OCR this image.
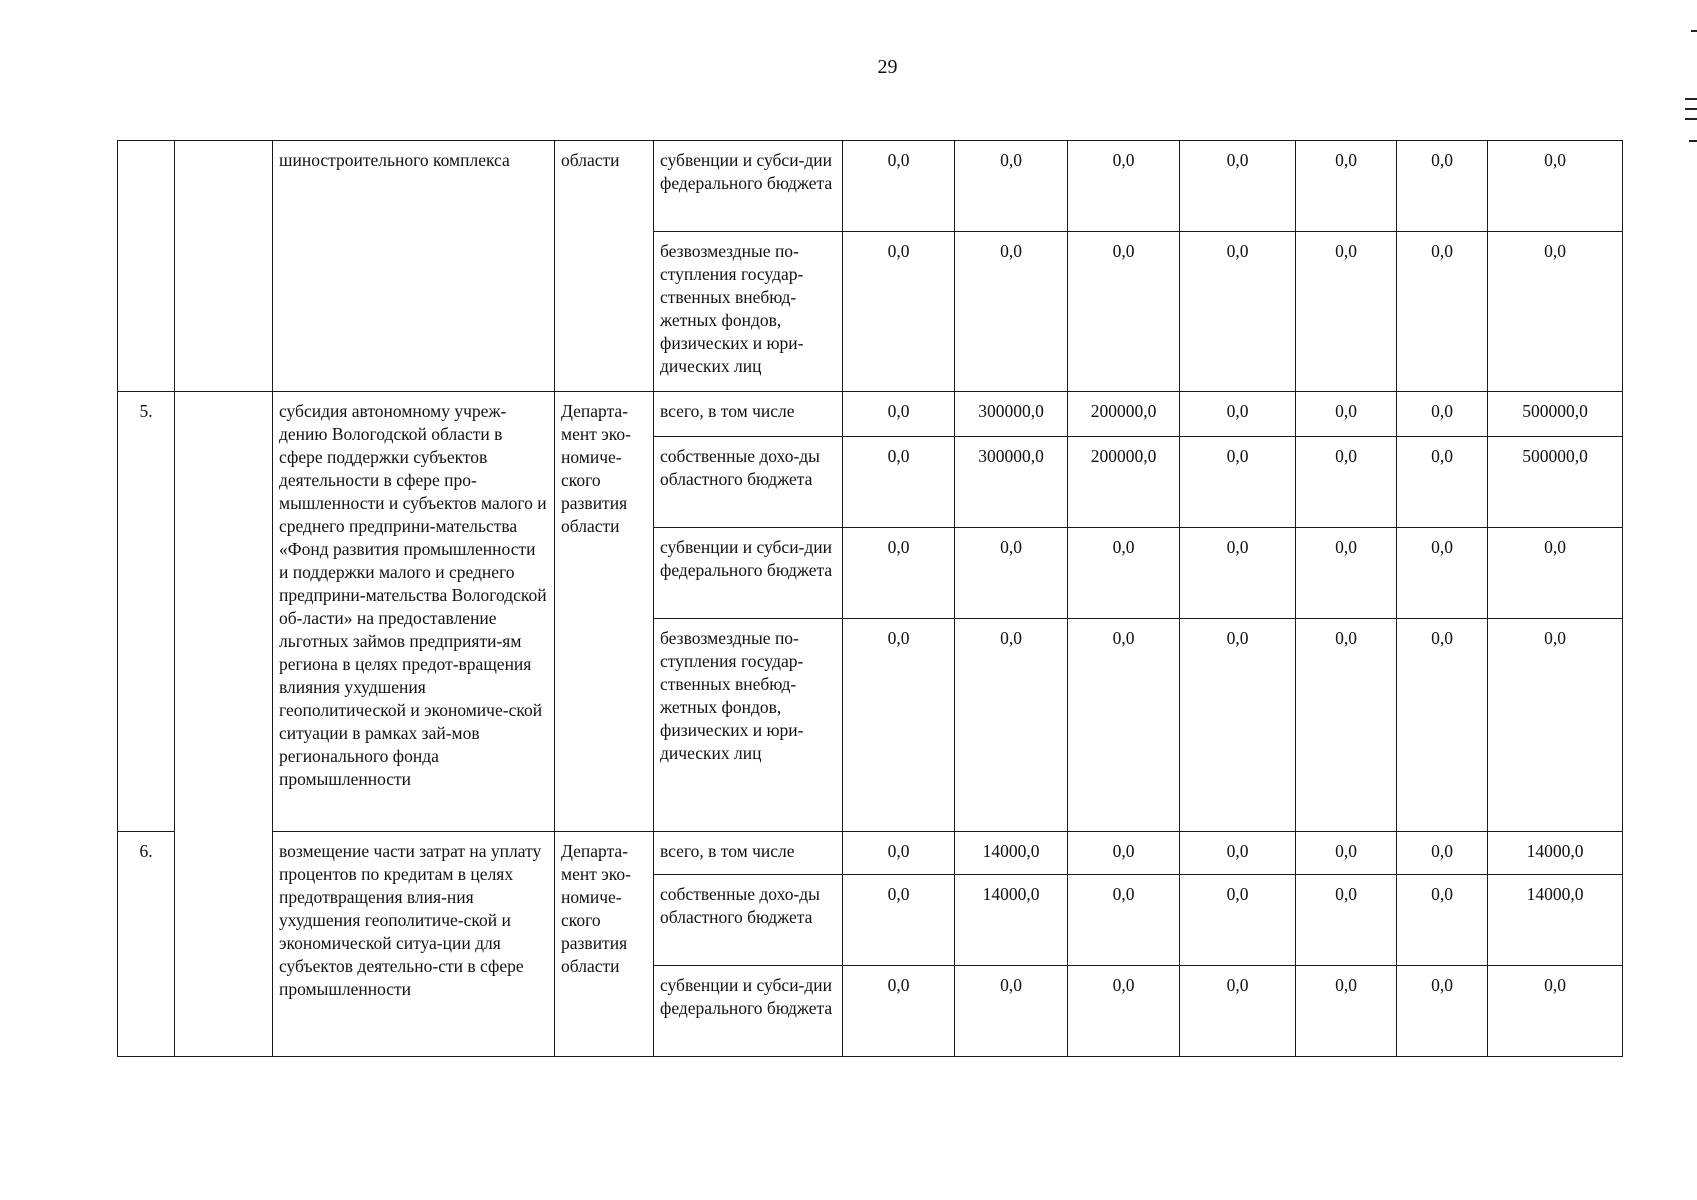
29
		шиностроительного комплекса	области	субвенции и субси-дии федерального бюджета	0,0	0,0	0,0	0,0	0,0	0,0	0,0
				безвозмездные по-ступления государ-ственных внебюд-жетных фондов, физических и юри-дических лиц	0,0	0,0	0,0	0,0	0,0	0,0	0,0
5.		субсидия автономному учреж-дению Вологодской области в сфере поддержки субъектов деятельности в сфере про-мышленности и субъектов малого и среднего предприни-мательства «Фонд развития промышленности и поддержки малого и среднего предприни-мательства Вологодской об-ласти» на предоставление льготных займов предприяти-ям региона в целях предот-вращения влияния ухудшения геополитической и экономиче-ской ситуации в рамках зай-мов регионального фонда промышленности	Департа-мент эко-номиче-ского развития области	всего, в том числе	0,0	300000,0	200000,0	0,0	0,0	0,0	500000,0
				собственные дохо-ды областного бюджета	0,0	300000,0	200000,0	0,0	0,0	0,0	500000,0
				субвенции и субси-дии федерального бюджета	0,0	0,0	0,0	0,0	0,0	0,0	0,0
				безвозмездные по-ступления государ-ственных внебюд-жетных фондов, физических и юри-дических лиц	0,0	0,0	0,0	0,0	0,0	0,0	0,0
6.		возмещение части затрат на уплату процентов по кредитам в целях предотвращения влия-ния ухудшения геополитиче-ской и экономической ситуа-ции для субъектов деятельно-сти в сфере промышленности	Департа-мент эко-номиче-ского развития области	всего, в том числе	0,0	14000,0	0,0	0,0	0,0	0,0	14000,0
				собственные дохо-ды областного бюджета	0,0	14000,0	0,0	0,0	0,0	0,0	14000,0
				субвенции и субси-дии федерального бюджета	0,0	0,0	0,0	0,0	0,0	0,0	0,0
